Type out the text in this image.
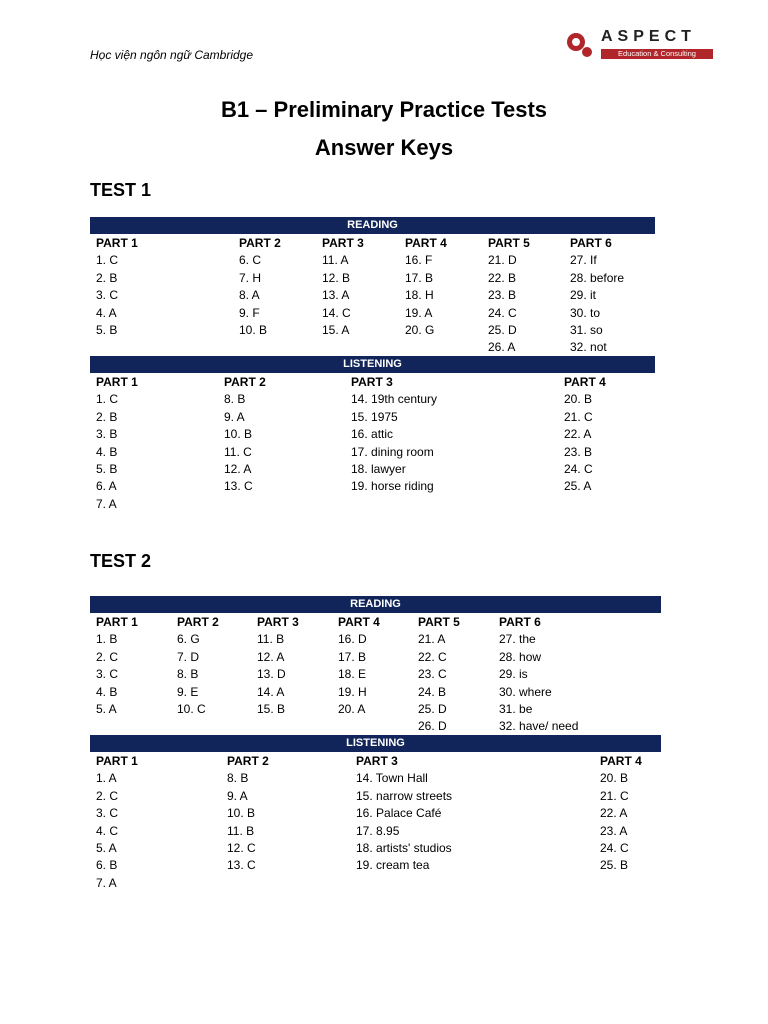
Học viện ngôn ngữ Cambridge
ASPECT
Education & Consulting
B1 – Preliminary Practice Tests
Answer Keys
TEST 1
READING
PART 1
1. C
2. B
3. C
4. A
5. B
PART 2
6. C
7. H
8. A
9. F
10. B
PART 3
11. A
12. B
13. A
14. C
15. A
PART 4
16. F
17. B
18. H
19. A
20. G
PART 5
21. D
22. B
23. B
24. C
25. D
26. A
PART 6
27. If
28. before
29. it
30. to
31. so
32. not
LISTENING
PART 1
1. C
2. B
3. B
4. B
5. B
6. A
7. A
PART 2
8. B
9. A
10. B
11. C
12. A
13. C
PART 3
14. 19th century
15. 1975
16. attic
17. dining room
18. lawyer
19. horse riding
PART 4
20. B
21. C
22. A
23. B
24. C
25. A
TEST 2
READING
PART 1
1. B
2. C
3. C
4. B
5. A
PART 2
6. G
7. D
8. B
9. E
10. C
PART 3
11. B
12. A
13. D
14. A
15. B
PART 4
16. D
17. B
18. E
19. H
20. A
PART 5
21. A
22. C
23. C
24. B
25. D
26. D
PART 6
27. the
28. how
29. is
30. where
31. be
32. have/ need
LISTENING
PART 1
1. A
2. C
3. C
4. C
5. A
6. B
7. A
PART 2
8. B
9. A
10. B
11. B
12. C
13. C
PART 3
14. Town Hall
15. narrow streets
16. Palace Café
17. 8.95
18. artists' studios
19. cream tea
PART 4
20. B
21. C
22. A
23. A
24. C
25. B
